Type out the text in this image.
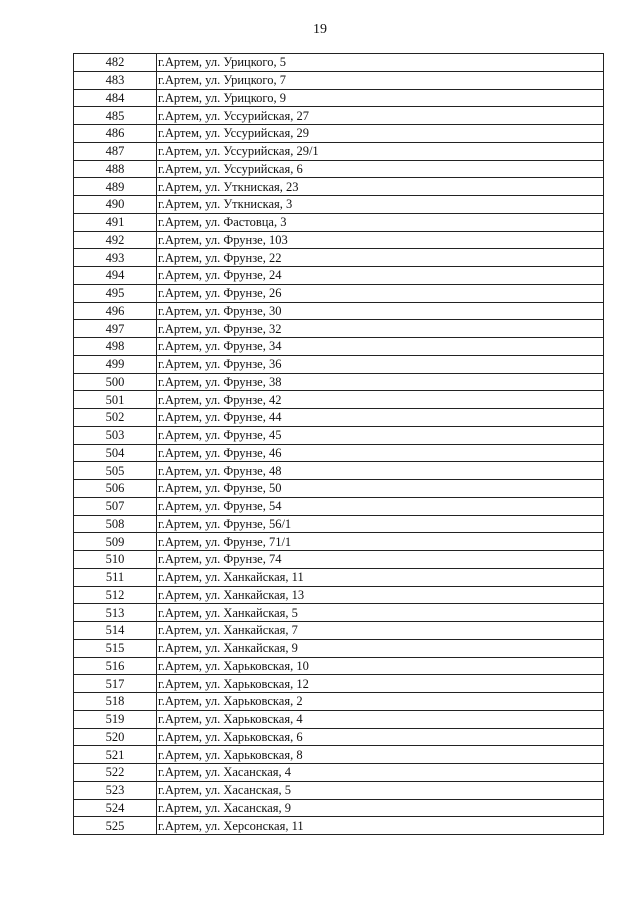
19
482	г.Артем, ул. Урицкого, 5
483	г.Артем, ул. Урицкого, 7
484	г.Артем, ул. Урицкого, 9
485	г.Артем, ул. Уссурийская, 27
486	г.Артем, ул. Уссурийская, 29
487	г.Артем, ул. Уссурийская, 29/1
488	г.Артем, ул. Уссурийская, 6
489	г.Артем, ул. Уткниская, 23
490	г.Артем, ул. Уткниская, 3
491	г.Артем, ул. Фастовца, 3
492	г.Артем, ул. Фрунзе, 103
493	г.Артем, ул. Фрунзе, 22
494	г.Артем, ул. Фрунзе, 24
495	г.Артем, ул. Фрунзе, 26
496	г.Артем, ул. Фрунзе, 30
497	г.Артем, ул. Фрунзе, 32
498	г.Артем, ул. Фрунзе, 34
499	г.Артем, ул. Фрунзе, 36
500	г.Артем, ул. Фрунзе, 38
501	г.Артем, ул. Фрунзе, 42
502	г.Артем, ул. Фрунзе, 44
503	г.Артем, ул. Фрунзе, 45
504	г.Артем, ул. Фрунзе, 46
505	г.Артем, ул. Фрунзе, 48
506	г.Артем, ул. Фрунзе, 50
507	г.Артем, ул. Фрунзе, 54
508	г.Артем, ул. Фрунзе, 56/1
509	г.Артем, ул. Фрунзе, 71/1
510	г.Артем, ул. Фрунзе, 74
511	г.Артем, ул. Ханкайская, 11
512	г.Артем, ул. Ханкайская, 13
513	г.Артем, ул. Ханкайская, 5
514	г.Артем, ул. Ханкайская, 7
515	г.Артем, ул. Ханкайская, 9
516	г.Артем, ул. Харьковская, 10
517	г.Артем, ул. Харьковская, 12
518	г.Артем, ул. Харьковская, 2
519	г.Артем, ул. Харьковская, 4
520	г.Артем, ул. Харьковская, 6
521	г.Артем, ул. Харьковская, 8
522	г.Артем, ул. Хасанская, 4
523	г.Артем, ул. Хасанская, 5
524	г.Артем, ул. Хасанская, 9
525	г.Артем, ул. Херсонская, 11
